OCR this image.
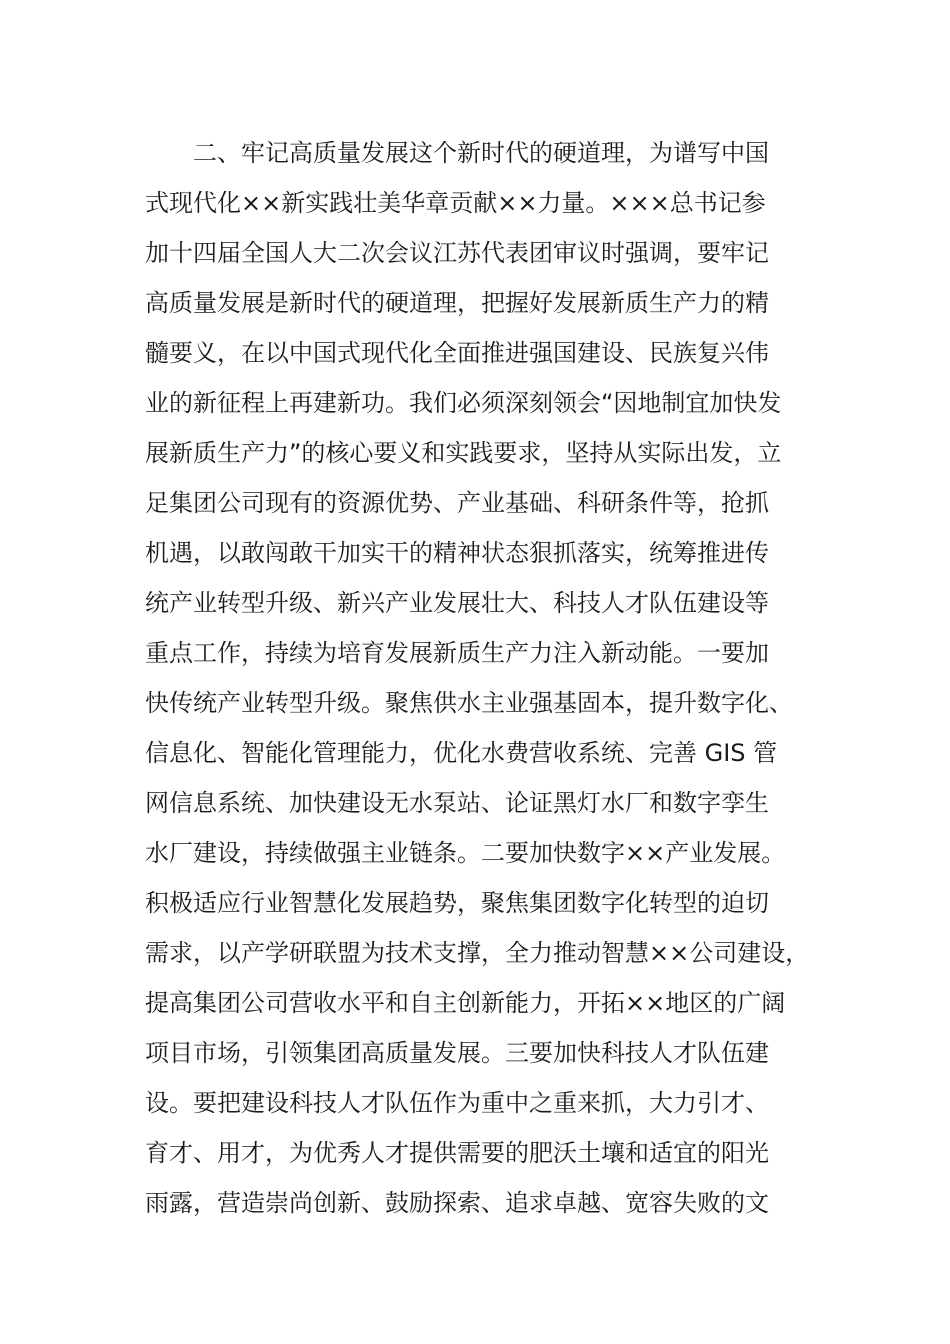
二、牢记高质量发展这个新时代的硬道理，为谱写中国
式现代化××新实践壮美华章贡献××力量。×××总书记参
加十四届全国人大二次会议江苏代表团审议时强调，要牢记
高质量发展是新时代的硬道理，把握好发展新质生产力的精
髓要义，在以中国式现代化全面推进强国建设、民族复兴伟
业的新征程上再建新功。我们必须深刻领会“因地制宜加快发
展新质生产力”的核心要义和实践要求，坚持从实际出发，立
足集团公司现有的资源优势、产业基础、科研条件等，抢抓
机遇，以敢闯敢干加实干的精神状态狠抓落实，统筹推进传
统产业转型升级、新兴产业发展壮大、科技人才队伍建设等
重点工作，持续为培育发展新质生产力注入新动能。一要加
快传统产业转型升级。聚焦供水主业强基固本，提升数字化、
信息化、智能化管理能力，优化水费营收系统、完善 GIS 管
网信息系统、加快建设无水泵站、论证黑灯水厂和数字孪生
水厂建设，持续做强主业链条。二要加快数字××产业发展。
积极适应行业智慧化发展趋势，聚焦集团数字化转型的迫切
需求，以产学研联盟为技术支撑，全力推动智慧××公司建设，
提高集团公司营收水平和自主创新能力，开拓××地区的广阔
项目市场，引领集团高质量发展。三要加快科技人才队伍建
设。要把建设科技人才队伍作为重中之重来抓，大力引才、
育才、用才，为优秀人才提供需要的肥沃土壤和适宜的阳光
雨露，营造崇尚创新、鼓励探索、追求卓越、宽容失败的文
